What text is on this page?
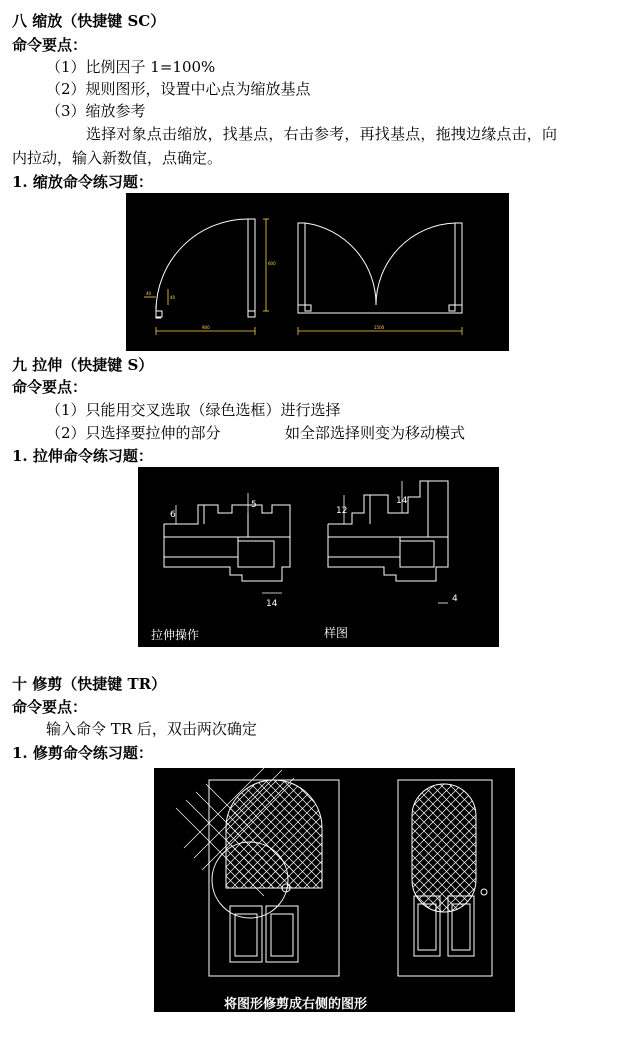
八 缩放（快捷键 SC）
命令要点：
（1）比例因子 1=100%
（2）规则图形，设置中心点为缩放基点
（3）缩放参考
选择对象点击缩放，找基点，右击参考，再找基点，拖拽边缘点击，向
内拉动，输入新数值，点确定。
1. 缩放命令练习题：
40
40
900	1500
600
九 拉伸（快捷键 S）
命令要点：
（1）只能用交叉选取（绿色选框）进行选择
（2）只选择要拉伸的部分	如全部选择则变为移动模式
1. 拉伸命令练习题：
6
5
14
12
14
4
拉伸操作	样图
十 修剪（快捷键 TR）
命令要点：
输入命令 TR 后，双击两次确定
1. 修剪命令练习题：
将图形修剪成右侧的图形
